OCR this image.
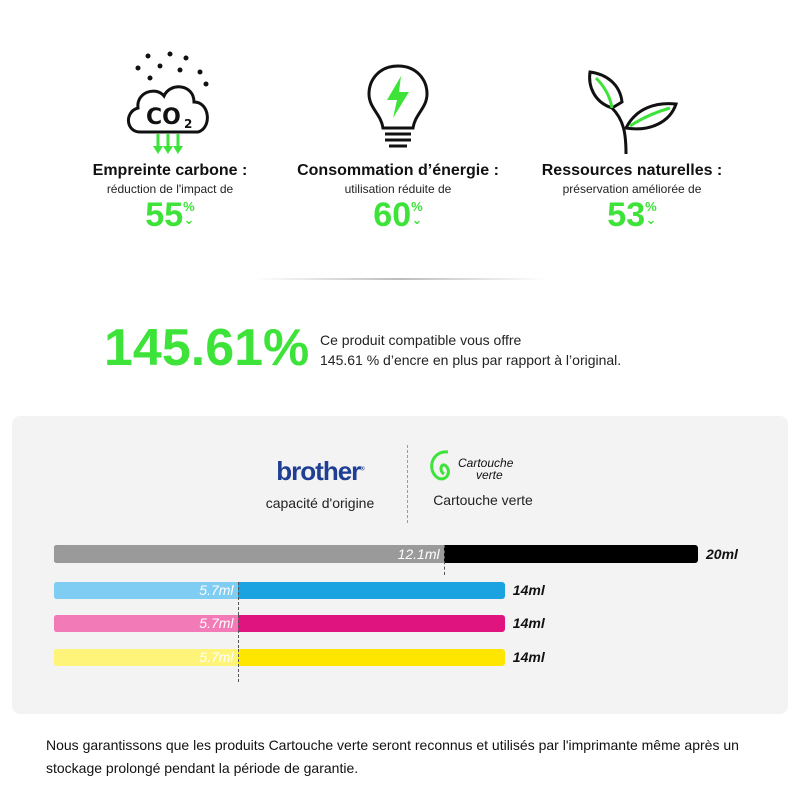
CO 2
Empreinte carbone :
réduction de l'impact de
55%
⌄
Consommation d’énergie :
utilisation réduite de
60%
⌄
Ressources naturelles :
préservation améliorée de
53%
⌄
145.61% Ce produit compatible vous offre
145.61 % d’encre en plus par rapport à l’original.
brother®
capacité d'origine
Cartouche
verte
Cartouche verte
12.1ml	20ml
5.7ml	14ml
5.7ml	14ml
5.7ml	14ml
Nous garantissons que les produits Cartouche verte seront reconnus et utilisés par l'imprimante même après un stockage prolongé pendant la période de garantie.
